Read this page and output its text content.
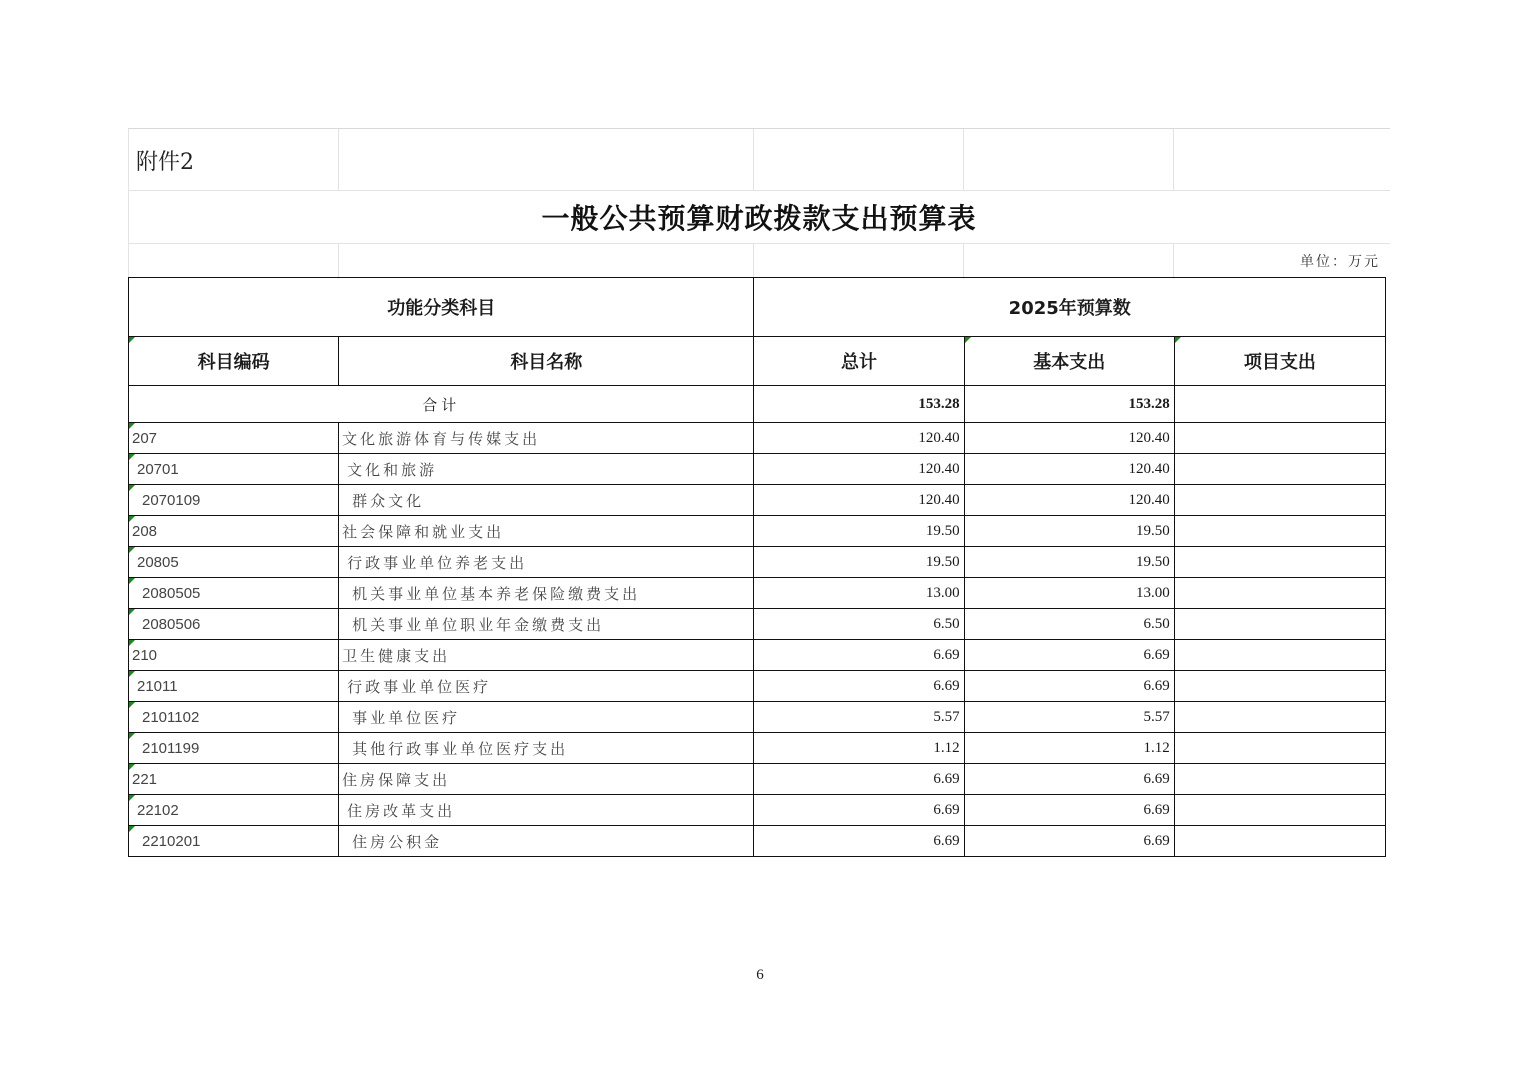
附件2
一般公共预算财政拨款支出预算表
单位：万元
功能分类科目		2025年预算数		
科目编码	科目名称	总计	基本支出	项目支出
合计		153.28	153.28	
207	文化旅游体育与传媒支出	120.40	120.40	
20701	文化和旅游	120.40	120.40	
2070109	群众文化	120.40	120.40	
208	社会保障和就业支出	19.50	19.50	
20805	行政事业单位养老支出	19.50	19.50	
2080505	机关事业单位基本养老保险缴费支出	13.00	13.00	
2080506	机关事业单位职业年金缴费支出	6.50	6.50	
210	卫生健康支出	6.69	6.69	
21011	行政事业单位医疗	6.69	6.69	
2101102	事业单位医疗	5.57	5.57	
2101199	其他行政事业单位医疗支出	1.12	1.12	
221	住房保障支出	6.69	6.69	
22102	住房改革支出	6.69	6.69	
2210201	住房公积金	6.69	6.69	
6
